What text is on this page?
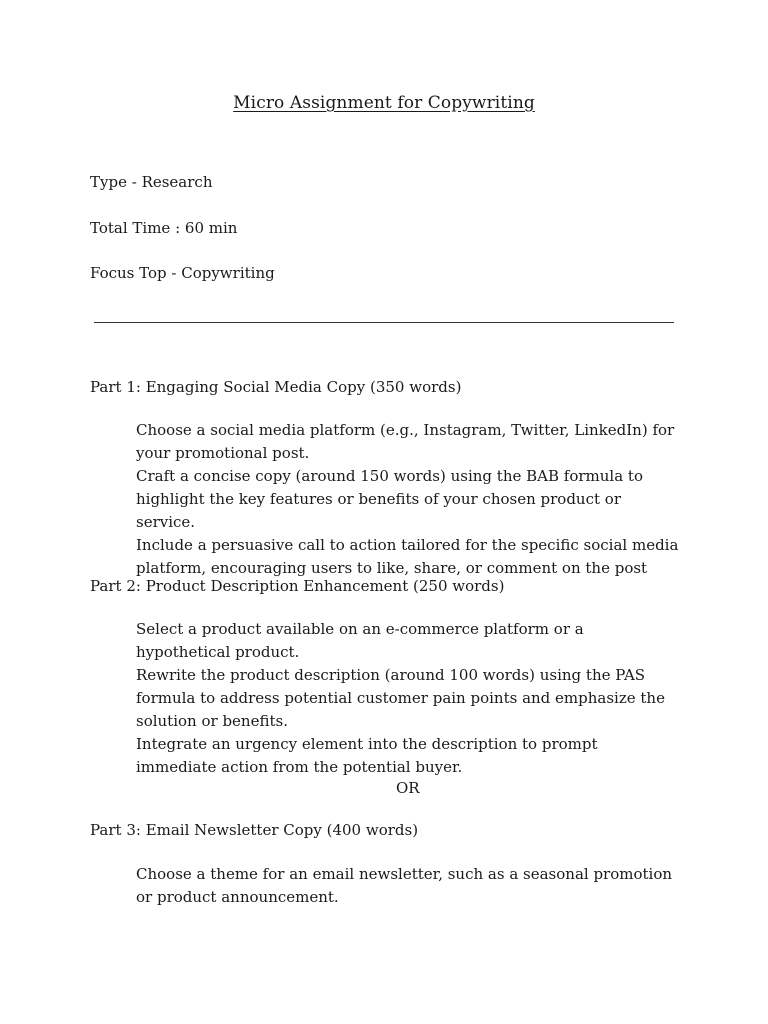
Micro Assignment for Copywriting
Type - Research
Total Time : 60 min
Focus Top - Copywriting
Part 1: Engaging Social Media Copy (350 words)

Choose a social media platform (e.g., Instagram, Twitter, LinkedIn) for your promotional post.

Craft a concise copy (around 150 words) using the BAB formula to highlight the key features or benefits of your chosen product or service.

Include a persuasive call to action tailored for the specific social media platform, encouraging users to like, share, or comment on the post

Part 2: Product Description Enhancement (250 words)

Select a product available on an e-commerce platform or a hypothetical product.

Rewrite the product description (around 100 words) using the PAS formula to address potential customer pain points and emphasize the solution or benefits.

Integrate an urgency element into the description to prompt immediate action from the potential buyer.

OR
Part 3: Email Newsletter Copy (400 words)

Choose a theme for an email newsletter, such as a seasonal promotion or product announcement.
